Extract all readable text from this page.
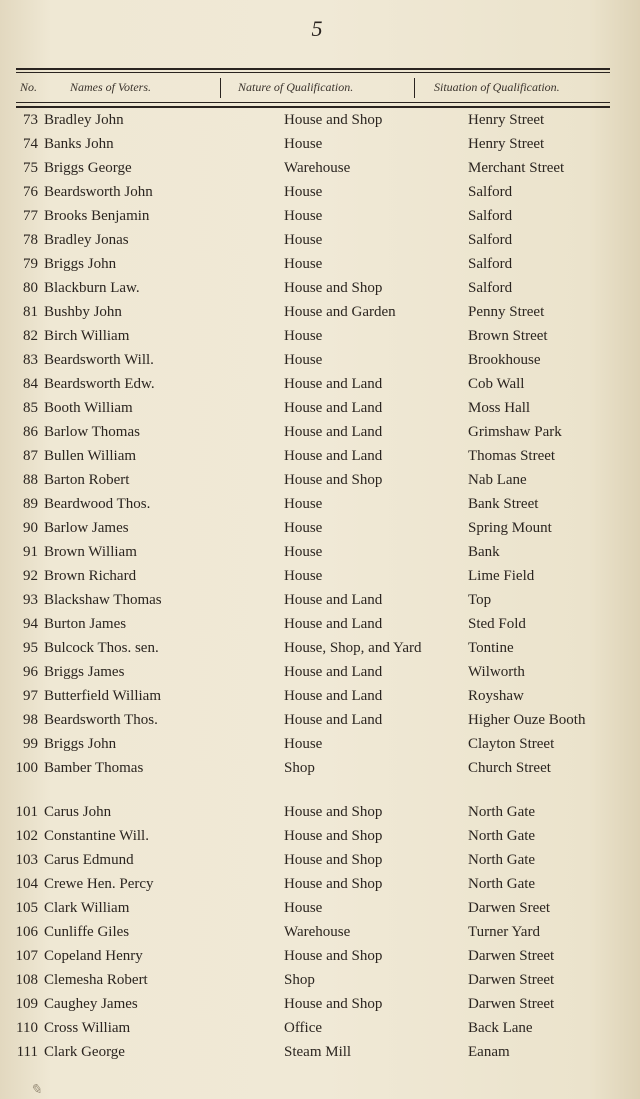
5
No.	Names of Voters.	Nature of Qualification.	Situation of Qualification.
73 Bradley John	House and Shop	Henry Street
74 Banks John	House	Henry Street
75 Briggs George	Warehouse	Merchant Street
76 Beardsworth John	House	Salford
77 Brooks Benjamin	House	Salford
78 Bradley Jonas	House	Salford
79 Briggs John	House	Salford
80 Blackburn Law.	House and Shop	Salford
81 Bushby John	House and Garden	Penny Street
82 Birch William	House	Brown Street
83 Beardsworth Will.	House	Brookhouse
84 Beardsworth Edw.	House and Land	Cob Wall
85 Booth William	House and Land	Moss Hall
86 Barlow Thomas	House and Land	Grimshaw Park
87 Bullen William	House and Land	Thomas Street
88 Barton Robert	House and Shop	Nab Lane
89 Beardwood Thos.	House	Bank Street
90 Barlow James	House	Spring Mount
91 Brown William	House	Bank
92 Brown Richard	House	Lime Field
93 Blackshaw Thomas	House and Land	Top
94 Burton James	House and Land	Sted Fold
95 Bulcock Thos. sen.	House, Shop, and Yard	Tontine
96 Briggs James	House and Land	Wilworth
97 Butterfield William	House and Land	Royshaw
98 Beardsworth Thos.	House and Land	Higher Ouze Booth
99 Briggs John	House	Clayton Street
100 Bamber Thomas	Shop	Church Street
101 Carus John	House and Shop	North Gate
102 Constantine Will.	House and Shop	North Gate
103 Carus Edmund	House and Shop	North Gate
104 Crewe Hen. Percy	House and Shop	North Gate
105 Clark William	House	Darwen Sreet
106 Cunliffe Giles	Warehouse	Turner Yard
107 Copeland Henry	House and Shop	Darwen Street
108 Clemesha Robert	Shop	Darwen Street
109 Caughey James	House and Shop	Darwen Street
110 Cross William	Office	Back Lane
111 Clark George	Steam Mill	Eanam
✎
